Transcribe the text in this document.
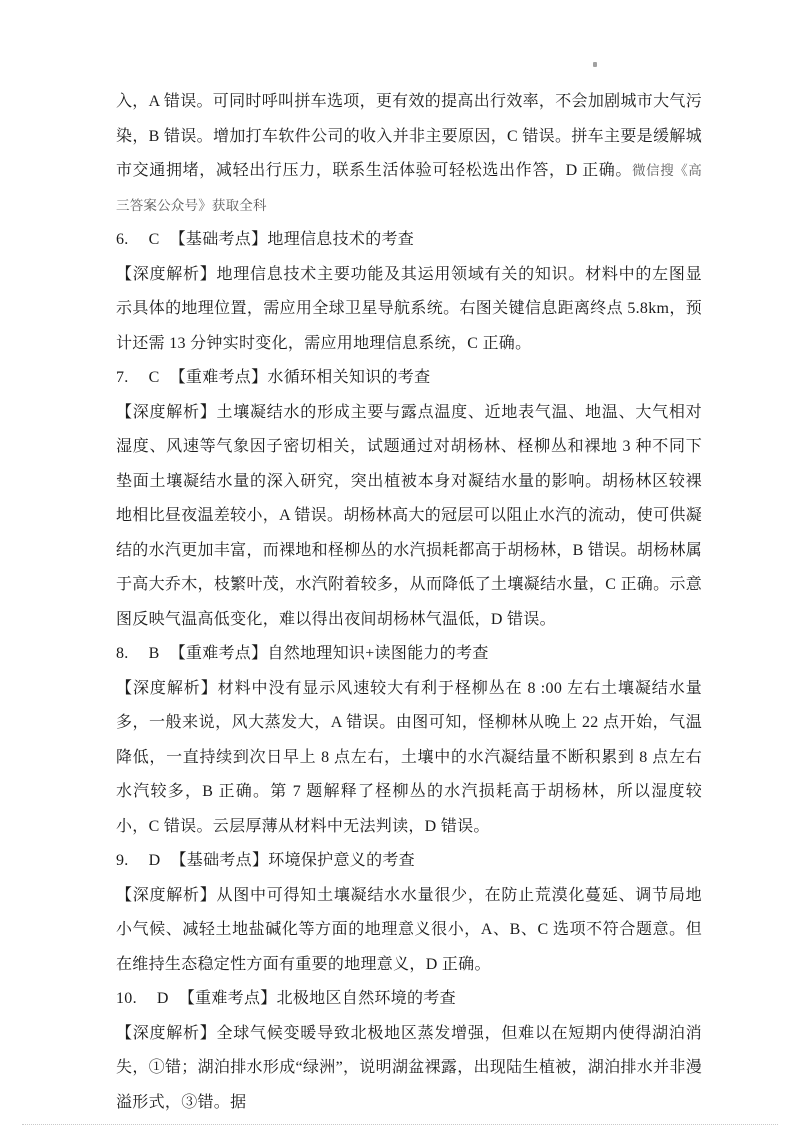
入，A 错误。可同时呼叫拼车选项，更有效的提高出行效率，不会加剧城市大气污染，B 错误。增加打车软件公司的收入并非主要原因，C 错误。拼车主要是缓解城市交通拥堵，减轻出行压力，联系生活体验可轻松选出作答，D 正确。微信搜《高三答案公众号》获取全科

6. C 【基础考点】地理信息技术的考查

【深度解析】地理信息技术主要功能及其运用领域有关的知识。材料中的左图显示具体的地理位置，需应用全球卫星导航系统。右图关键信息距离终点 5.8km，预计还需 13 分钟实时变化，需应用地理信息系统，C 正确。

7. C 【重难考点】水循环相关知识的考查

【深度解析】土壤凝结水的形成主要与露点温度、近地表气温、地温、大气相对湿度、风速等气象因子密切相关，试题通过对胡杨林、柽柳丛和裸地 3 种不同下垫面土壤凝结水量的深入研究，突出植被本身对凝结水量的影响。胡杨林区较裸地相比昼夜温差较小，A 错误。胡杨林高大的冠层可以阻止水汽的流动，使可供凝结的水汽更加丰富，而裸地和柽柳丛的水汽损耗都高于胡杨林，B 错误。胡杨林属于高大乔木，枝繁叶茂，水汽附着较多，从而降低了土壤凝结水量，C 正确。示意图反映气温高低变化，难以得出夜间胡杨林气温低，D 错误。

8. B 【重难考点】自然地理知识+读图能力的考查

【深度解析】材料中没有显示风速较大有利于柽柳丛在 8 :00 左右土壤凝结水量多，一般来说，风大蒸发大，A 错误。由图可知，怪柳林从晚上 22 点开始，气温降低，一直持续到次日早上 8 点左右，土壤中的水汽凝结量不断积累到 8 点左右水汽较多，B 正确。第 7 题解释了柽柳丛的水汽损耗高于胡杨林，所以湿度较小，C 错误。云层厚薄从材料中无法判读，D 错误。

9. D 【基础考点】环境保护意义的考查

【深度解析】从图中可得知土壤凝结水水量很少，在防止荒漠化蔓延、调节局地小气候、减轻土地盐碱化等方面的地理意义很小，A、B、C 选项不符合题意。但在维持生态稳定性方面有重要的地理意义，D 正确。

10. D 【重难考点】北极地区自然环境的考查

【深度解析】全球气候变暖导致北极地区蒸发增强，但难以在短期内使得湖泊消失，①错；湖泊排水形成“绿洲”，说明湖盆裸露，出现陆生植被，湖泊排水并非漫溢形式，③错。据
